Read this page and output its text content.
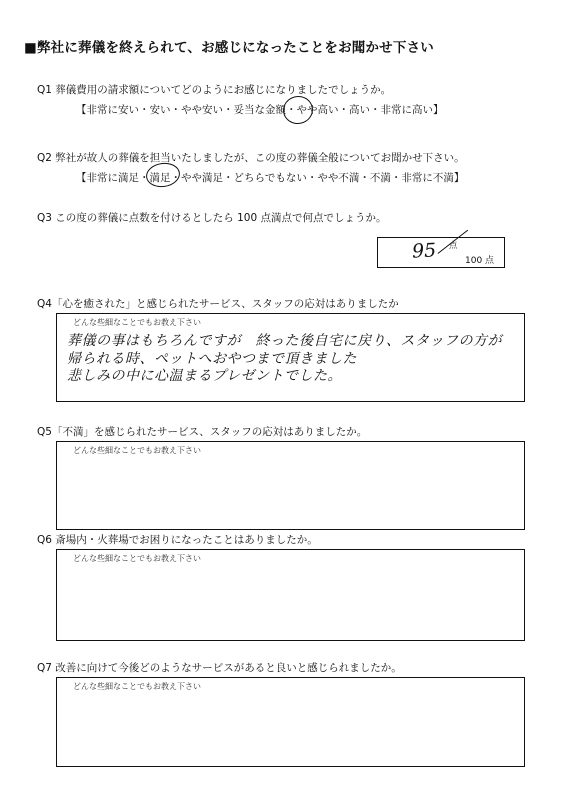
■弊社に葬儀を終えられて、お感じになったことをお聞かせ下さい
Q1 葬儀費用の請求額についてどのようにお感じになりましたでしょうか。
【非常に安い・安い・やや安い・妥当な金額・やや高い・高い・非常に高い】
Q2 弊社が故人の葬儀を担当いたしましたが、この度の葬儀全般についてお聞かせ下さい。
【非常に満足・満足・やや満足・どちらでもない・やや不満・不満・非常に不満】
Q3 この度の葬儀に点数を付けるとしたら 100 点満点で何点でしょうか。
95 点
100 点
Q4「心を癒された」と感じられたサービス、スタッフの応対はありましたか
どんな些細なことでもお教え下さい
葬儀の事はもちろんですが　終った後自宅に戻り、スタッフの方が
帰られる時、ペットへおやつまで頂きました
悲しみの中に心温まるプレゼントでした。
Q5「不満」を感じられたサービス、スタッフの応対はありましたか。
どんな些細なことでもお教え下さい
Q6 斎場内・火葬場でお困りになったことはありましたか。
どんな些細なことでもお教え下さい
Q7 改善に向けて今後どのようなサービスがあると良いと感じられましたか。
どんな些細なことでもお教え下さい
